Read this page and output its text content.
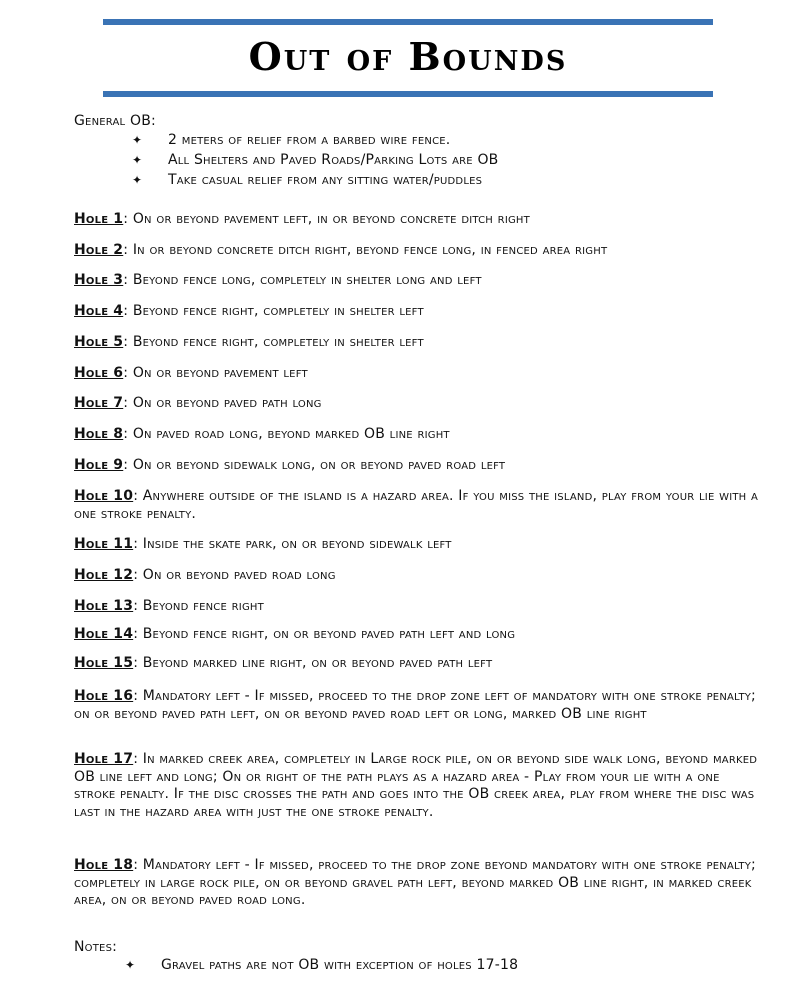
Out of Bounds
General OB:
✦	2 meters of relief from a barbed wire fence.
✦	All Shelters and Paved Roads/Parking Lots are OB
✦	Take casual relief from any sitting water/puddles

Hole 1: On or beyond pavement left, in or beyond concrete ditch right

Hole 2: In or beyond concrete ditch right, beyond fence long, in fenced area right

Hole 3: Beyond fence long, completely in shelter long and left

Hole 4: Beyond fence right, completely in shelter left

Hole 5: Beyond fence right, completely in shelter left

Hole 6: On or beyond pavement left

Hole 7: On or beyond paved path long

Hole 8: On paved road long, beyond marked OB line right

Hole 9: On or beyond sidewalk long, on or beyond paved road left

Hole 10: Anywhere outside of the island is a hazard area. If you miss the island, play from your lie with a one stroke penalty.

Hole 11: Inside the skate park, on or beyond sidewalk left

Hole 12: On or beyond paved road long

Hole 13: Beyond fence right

Hole 14: Beyond fence right, on or beyond paved path left and long

Hole 15: Beyond marked line right, on or beyond paved path left

Hole 16: Mandatory left - If missed, proceed to the drop zone left of mandatory with one stroke penalty; on or beyond paved path left, on or beyond paved road left or long, marked OB line right

Hole 17: In marked creek area, completely in Large rock pile, on or beyond side walk long, beyond marked OB line left and long; On or right of the path plays as a hazard area - Play from your lie with a one stroke penalty. If the disc crosses the path and goes into the OB creek area, play from where the disc was last in the hazard area with just the one stroke penalty.

Hole 18: Mandatory left - If missed, proceed to the drop zone beyond mandatory with one stroke penalty; completely in large rock pile, on or beyond gravel path left, beyond marked OB line right, in marked creek area, on or beyond paved road long.

Notes:
✦	Gravel paths are not OB with exception of holes 17-18
